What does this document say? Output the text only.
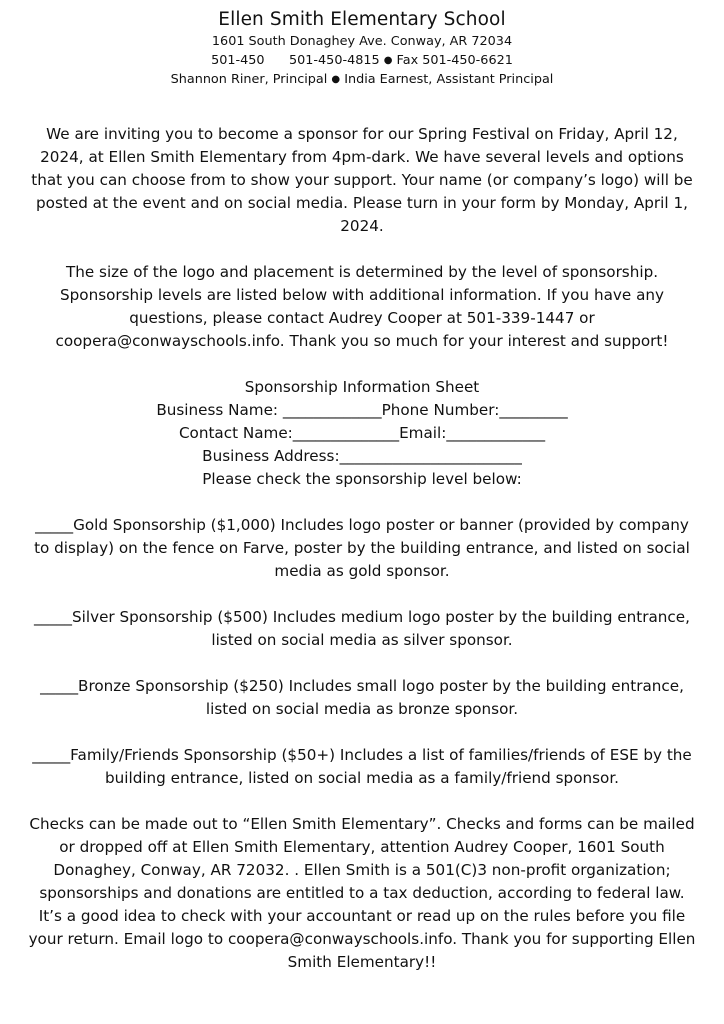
Ellen Smith Elementary School
1601 South Donaghey Ave. Conway, AR 72034
501-450 501-450-4815 ● Fax 501-450-6621
Shannon Riner, Principal ● India Earnest, Assistant Principal

We are inviting you to become a sponsor for our Spring Festival on Friday, April 12, 2024, at Ellen Smith Elementary from 4pm-dark. We have several levels and options that you can choose from to show your support. Your name (or company’s logo) will be posted at the event and on social media. Please turn in your form by Monday, April 1, 2024.

The size of the logo and placement is determined by the level of sponsorship. Sponsorship levels are listed below with additional information. If you have any questions, please contact Audrey Cooper at 501-339-1447 or coopera@conwayschools.info. Thank you so much for your interest and support!

Sponsorship Information Sheet
Business Name: _____________Phone Number:_________
Contact Name:______________Email:_____________
Business Address:________________________
Please check the sponsorship level below:

_____Gold Sponsorship ($1,000) Includes logo poster or banner (provided by company to display) on the fence on Farve, poster by the building entrance, and listed on social media as gold sponsor.

_____Silver Sponsorship ($500) Includes medium logo poster by the building entrance, listed on social media as silver sponsor.

_____Bronze Sponsorship ($250) Includes small logo poster by the building entrance, listed on social media as bronze sponsor.

_____Family/Friends Sponsorship ($50+) Includes a list of families/friends of ESE by the building entrance, listed on social media as a family/friend sponsor.

Checks can be made out to “Ellen Smith Elementary”. Checks and forms can be mailed or dropped off at Ellen Smith Elementary, attention Audrey Cooper, 1601 South Donaghey, Conway, AR 72032. . Ellen Smith is a 501(C)3 non-profit organization; sponsorships and donations are entitled to a tax deduction, according to federal law. It’s a good idea to check with your accountant or read up on the rules before you file your return. Email logo to coopera@conwayschools.info. Thank you for supporting Ellen Smith Elementary!!
